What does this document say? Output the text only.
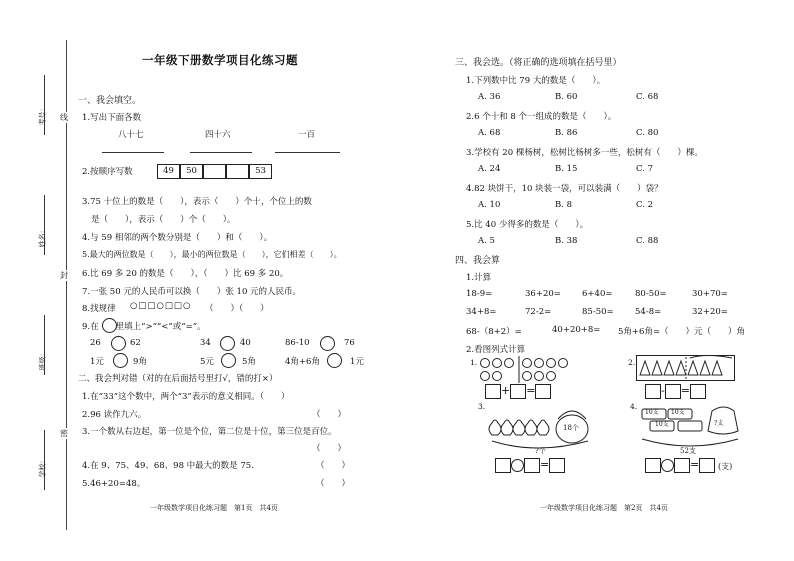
考号：
姓名：
班级：
学校：
线
封
密
一年级下册数学项目化练习题
一、我会填空。
1.写出下面各数
八十七	四十六	一百
2.按顺序写数	49 50	53
3.75 十位上的数是（　　），表示（　　）个十，个位上的数
是（　　），表示（　　）个（　　）。
4.与 59 相邻的两个数分别是（　　）和（　　）。
5.最大的两位数是（　　），最小的两位数是（　　），它们相差（　　）。
6.比 69 多 20 的数是（　　），（　　）比 69 多 20。
7.一张 50 元的人民币可以换（　　）张 10 元的人民币。
8.找规律 ○□□○□□○ （　　）（　　）
9.在　　里填上“>”“<”或“=”。
26	62	34	40	86-10	76
1元	9角	5元	5角	4角+6角	1元
二、我会判对错（对的在后面括号里打√，错的打×）
1.在“33”这个数中，两个“3”表示的意义相同。（　　）
2.96 读作九六。	（　　）
3.一个数从右边起，第一位是个位，第二位是十位，第三位是百位。
（　　）
4.在 9、75、49、68、98 中最大的数是 75.	（　　）
5.46+20=48。	（　　）
一年级数学项目化练习题　第1页　共4页
三、我会选。（将正确的选项填在括号里）
1.下列数中比 79 大的数是（　　）。
A. 36	B. 60	C. 68
2.6 个十和 8 个一组成的数是（　　）。
A. 68	B. 86	C. 80
3.学校有 20 棵杨树，松树比杨树多一些，松树有（　　）棵。
A. 24	B. 15	C. 7
4.82 块饼干，10 块装一袋，可以装满（　　）袋？
A. 10	B. 8	C. 2
5.比 40 少得多的数是（　　）。
A. 5	B. 38	C. 88
四、我会算
1.计算
18-9=	36+20= 6+40=	80-50=	30+70=
34+8=	72-2=	85-50=	54-8=	32+20=
68-（8+2）=	40+20+8= 5角+6角=（　　）元（　　）角
2.看图列式计算
1.
+ =
2.
- =
3.
18个
?个
=
4.
10支 10支
10支	?支
52支
=	(支)
一年级数学项目化练习题　第2页　共4页
